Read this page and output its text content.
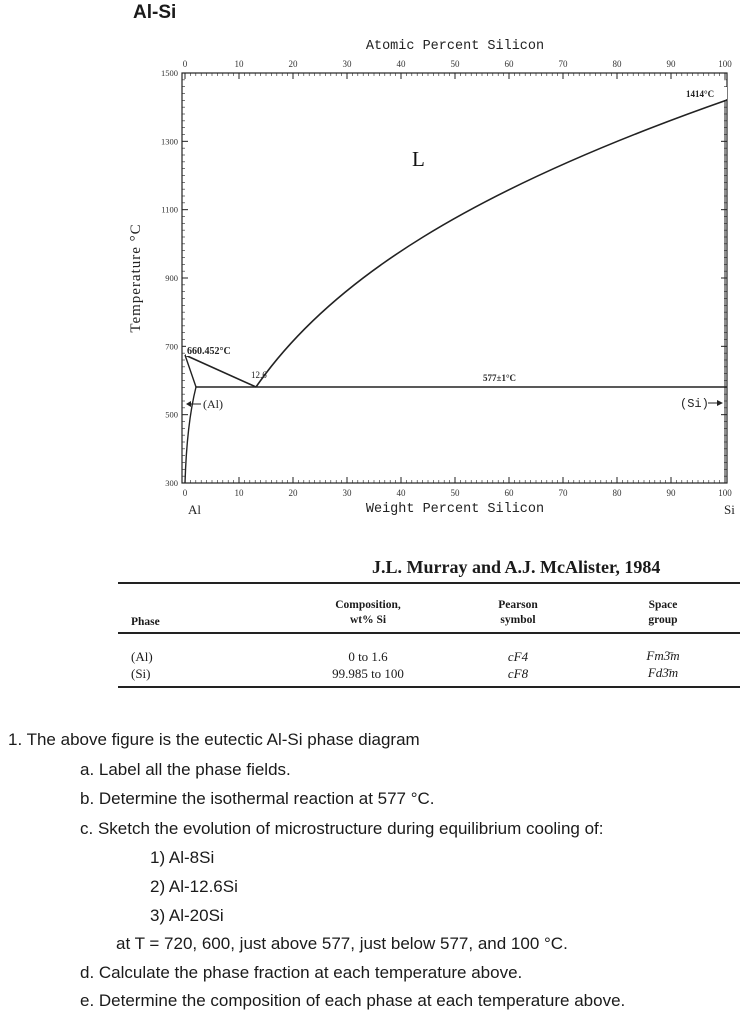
Al-Si
0	10	20	30	40	50	60	70	80	90	100
0	10	20	30	40	50	60	70	80	90	100
1500
1300
1100
900
700
500
300
Atomic Percent Silicon
Weight Percent Silicon
Temperature °C
Al	Si
L
660.452°C
1414°C
577±1°C
12.6
(Al)	(Si)
J.L. Murray and A.J. McAlister, 1984
Phase
Composition,
wt% Si
Pearson
symbol
Space
group
(Al)	0 to 1.6	cF4	Fm3̄m
(Si)	99.985 to 100	cF8	Fd3̄m
1. The above figure is the eutectic Al-Si phase diagram
a. Label all the phase fields.
b. Determine the isothermal reaction at 577 °C.
c. Sketch the evolution of microstructure during equilibrium cooling of:
1) Al-8Si
2) Al-12.6Si
3) Al-20Si
at T = 720, 600, just above 577, just below 577, and 100 °C.
d. Calculate the phase fraction at each temperature above.
e. Determine the composition of each phase at each temperature above.
